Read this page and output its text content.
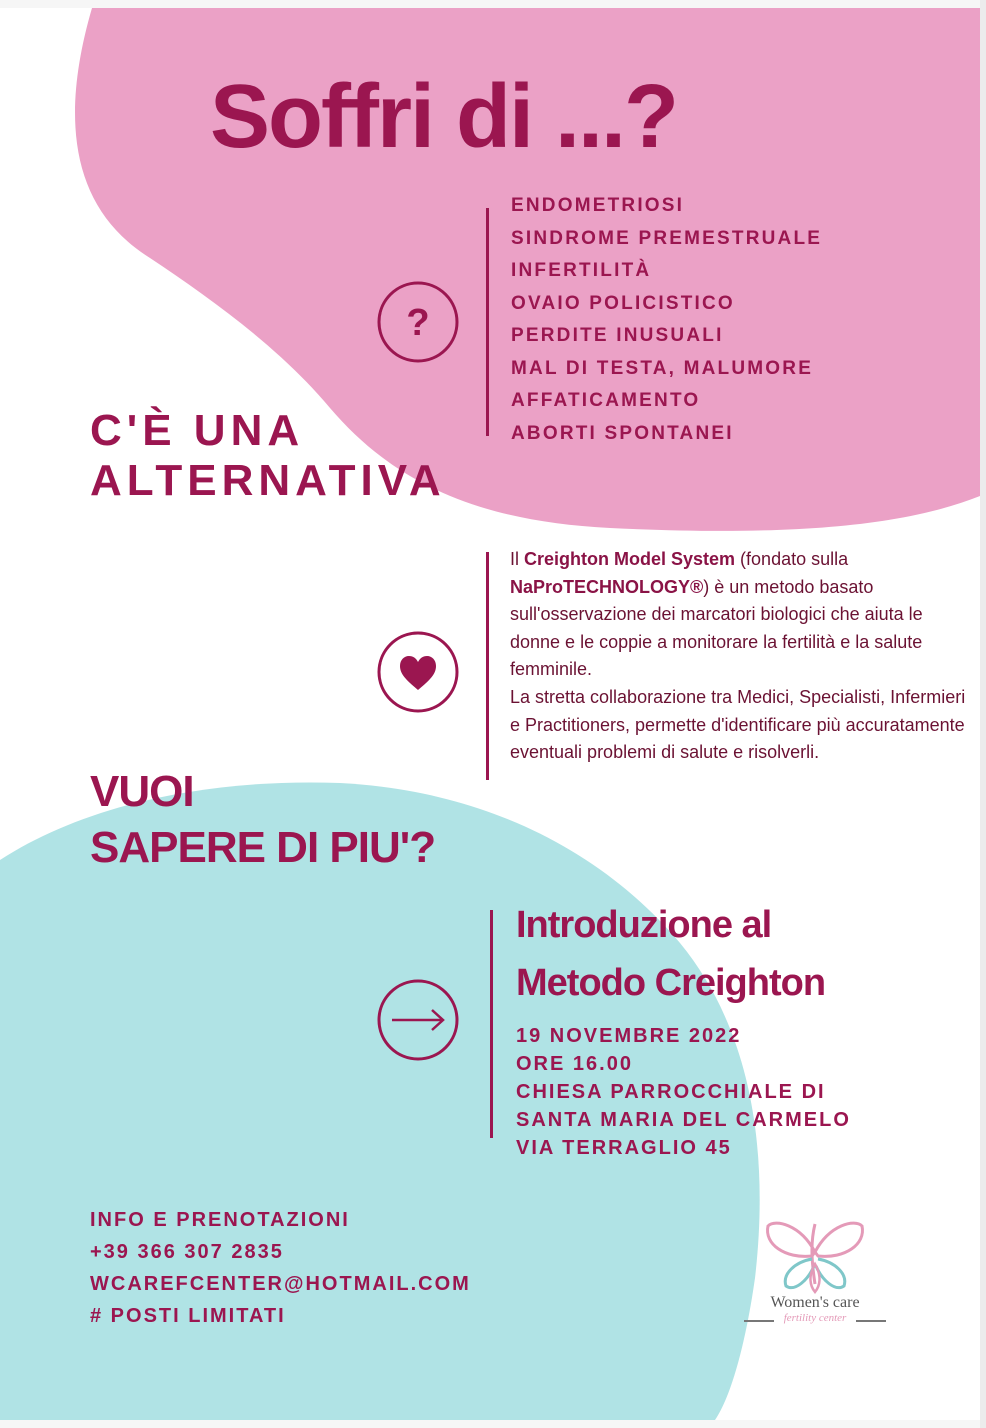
Soffri di ...?
?
ENDOMETRIOSI
SINDROME PREMESTRUALE
INFERTILITÀ
OVAIO POLICISTICO
PERDITE INUSUALI
MAL DI TESTA, MALUMORE
AFFATICAMENTO
ABORTI SPONTANEI
C'È UNA
ALTERNATIVA

Il Creighton Model System (fondato sulla NaProTECHNOLOGY®) è un metodo basato sull'osservazione dei marcatori biologici che aiuta le donne e le coppie a monitorare la fertilità e la salute femminile.

La stretta collaborazione tra Medici, Specialisti, Infermieri e Practitioners, permette d'identificare più accuratamente eventuali problemi di salute e risolverli.

VUOI
SAPERE DI PIU'?
Introduzione al
Metodo Creighton
19 NOVEMBRE 2022
ORE 16.00
CHIESA PARROCCHIALE DI
SANTA MARIA DEL CARMELO
VIA TERRAGLIO 45
INFO E PRENOTAZIONI
+39 366 307 2835
WCAREFCENTER@HOTMAIL.COM
# POSTI LIMITATI
Women's care
fertility center
